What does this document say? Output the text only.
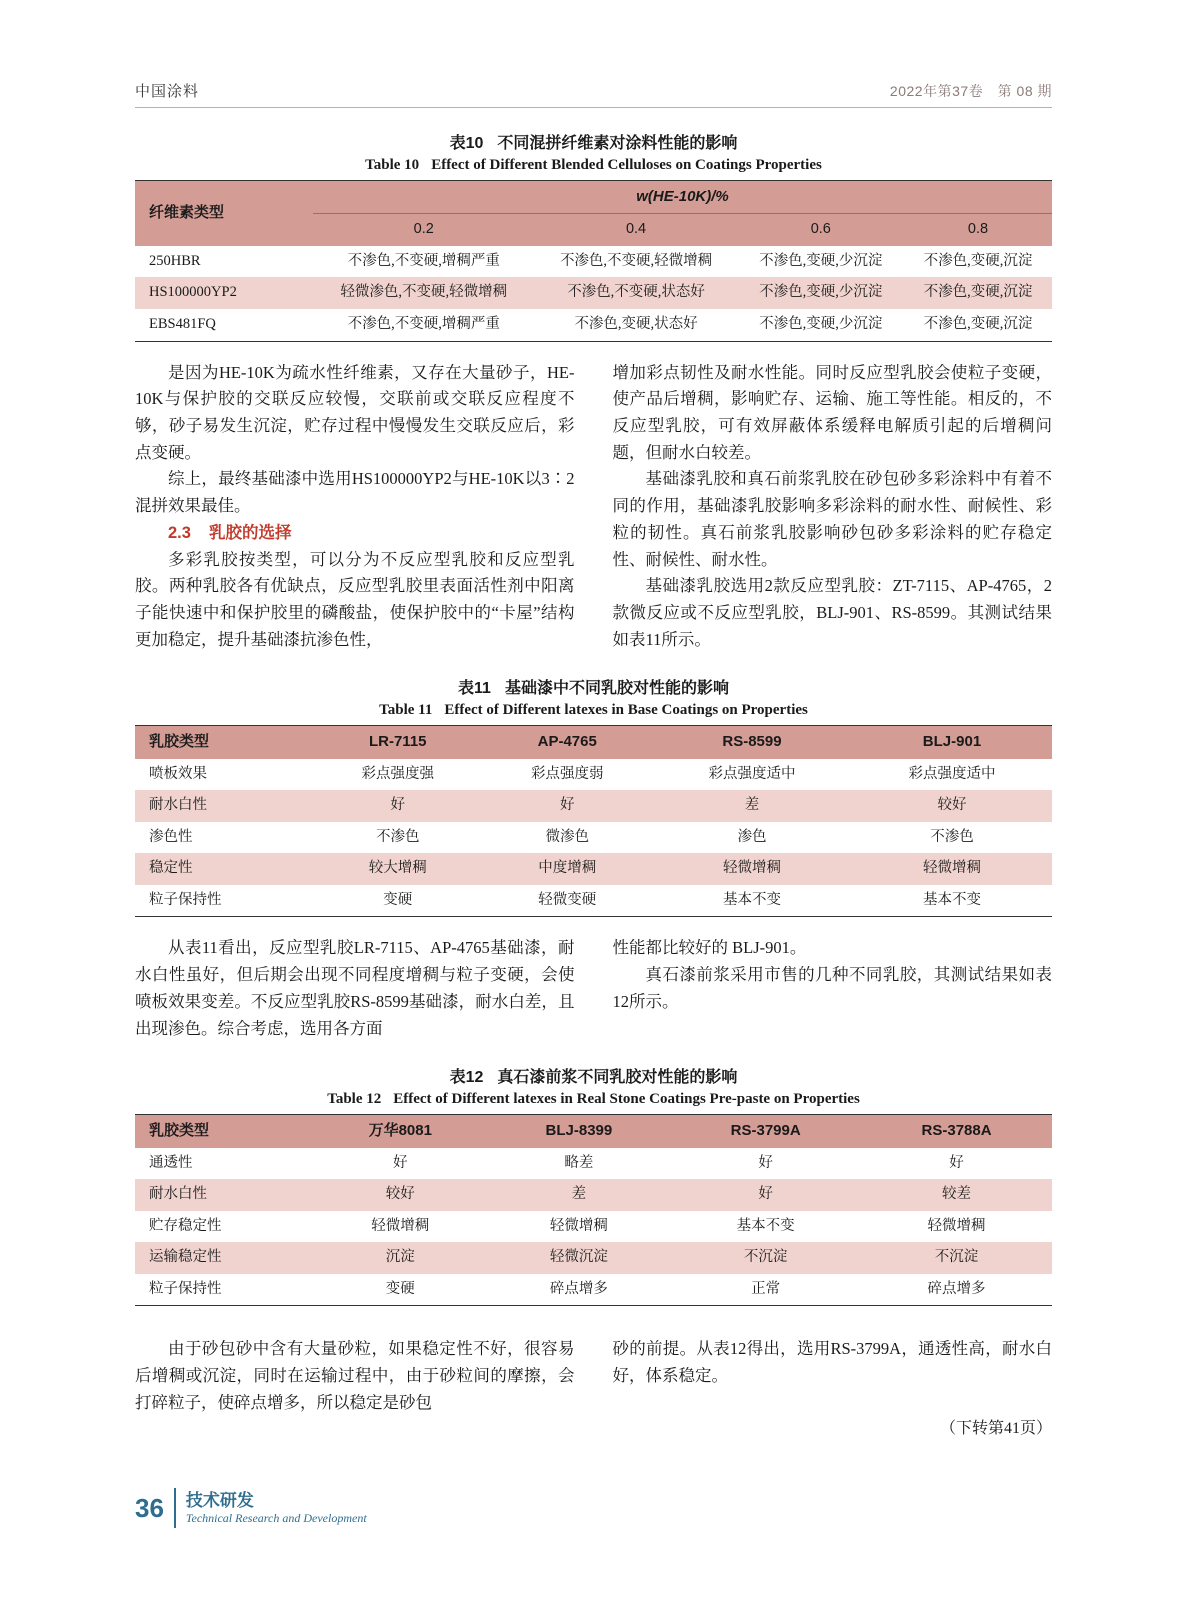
中国涂料	2022年第37卷　第 08 期
表10 不同混拼纤维素对涂料性能的影响
Table 10 Effect of Different Blended Celluloses on Coatings Properties
纤维素类型	w(HE-10K)/%			
	0.2	0.4	0.6	0.8
250HBR	不渗色,不变硬,增稠严重	不渗色,不变硬,轻微增稠	不渗色,变硬,少沉淀	不渗色,变硬,沉淀
HS100000YP2	轻微渗色,不变硬,轻微增稠	不渗色,不变硬,状态好	不渗色,变硬,少沉淀	不渗色,变硬,沉淀
EBS481FQ	不渗色,不变硬,增稠严重	不渗色,变硬,状态好	不渗色,变硬,少沉淀	不渗色,变硬,沉淀

是因为HE-10K为疏水性纤维素，又存在大量砂子，HE-10K与保护胶的交联反应较慢，交联前或交联反应程度不够，砂子易发生沉淀，贮存过程中慢慢发生交联反应后，彩点变硬。

综上，最终基础漆中选用HS100000YP2与HE-10K以3∶2混拼效果最佳。

2.3 乳胶的选择

多彩乳胶按类型，可以分为不反应型乳胶和反应型乳胶。两种乳胶各有优缺点，反应型乳胶里表面活性剂中阳离子能快速中和保护胶里的磷酸盐，使保护胶中的“卡屋”结构更加稳定，提升基础漆抗渗色性，

增加彩点韧性及耐水性能。同时反应型乳胶会使粒子变硬，使产品后增稠，影响贮存、运输、施工等性能。相反的，不反应型乳胶，可有效屏蔽体系缓释电解质引起的后增稠问题，但耐水白较差。

基础漆乳胶和真石前浆乳胶在砂包砂多彩涂料中有着不同的作用，基础漆乳胶影响多彩涂料的耐水性、耐候性、彩粒的韧性。真石前浆乳胶影响砂包砂多彩涂料的贮存稳定性、耐候性、耐水性。

基础漆乳胶选用2款反应型乳胶：ZT-7115、AP-4765，2款微反应或不反应型乳胶，BLJ-901、RS-8599。其测试结果如表11所示。

表11 基础漆中不同乳胶对性能的影响
Table 11 Effect of Different latexes in Base Coatings on Properties
乳胶类型	LR-7115	AP-4765	RS-8599	BLJ-901
喷板效果	彩点强度强	彩点强度弱	彩点强度适中	彩点强度适中
耐水白性	好	好	差	较好
渗色性	不渗色	微渗色	渗色	不渗色
稳定性	较大增稠	中度增稠	轻微增稠	轻微增稠
粒子保持性	变硬	轻微变硬	基本不变	基本不变

从表11看出，反应型乳胶LR-7115、AP-4765基础漆，耐水白性虽好，但后期会出现不同程度增稠与粒子变硬，会使喷板效果变差。不反应型乳胶RS-8599基础漆，耐水白差，且出现渗色。综合考虑，选用各方面

性能都比较好的 BLJ-901。

真石漆前浆采用市售的几种不同乳胶，其测试结果如表12所示。

表12 真石漆前浆不同乳胶对性能的影响
Table 12 Effect of Different latexes in Real Stone Coatings Pre-paste on Properties
乳胶类型	万华8081	BLJ-8399	RS-3799A	RS-3788A
通透性	好	略差	好	好
耐水白性	较好	差	好	较差
贮存稳定性	轻微增稠	轻微增稠	基本不变	轻微增稠
运输稳定性	沉淀	轻微沉淀	不沉淀	不沉淀
粒子保持性	变硬	碎点增多	正常	碎点增多

由于砂包砂中含有大量砂粒，如果稳定性不好，很容易后增稠或沉淀，同时在运输过程中，由于砂粒间的摩擦，会打碎粒子，使碎点增多，所以稳定是砂包

砂的前提。从表12得出，选用RS-3799A，通透性高，耐水白好，体系稳定。

（下转第41页）
36 技术研发
Technical Research and Development
